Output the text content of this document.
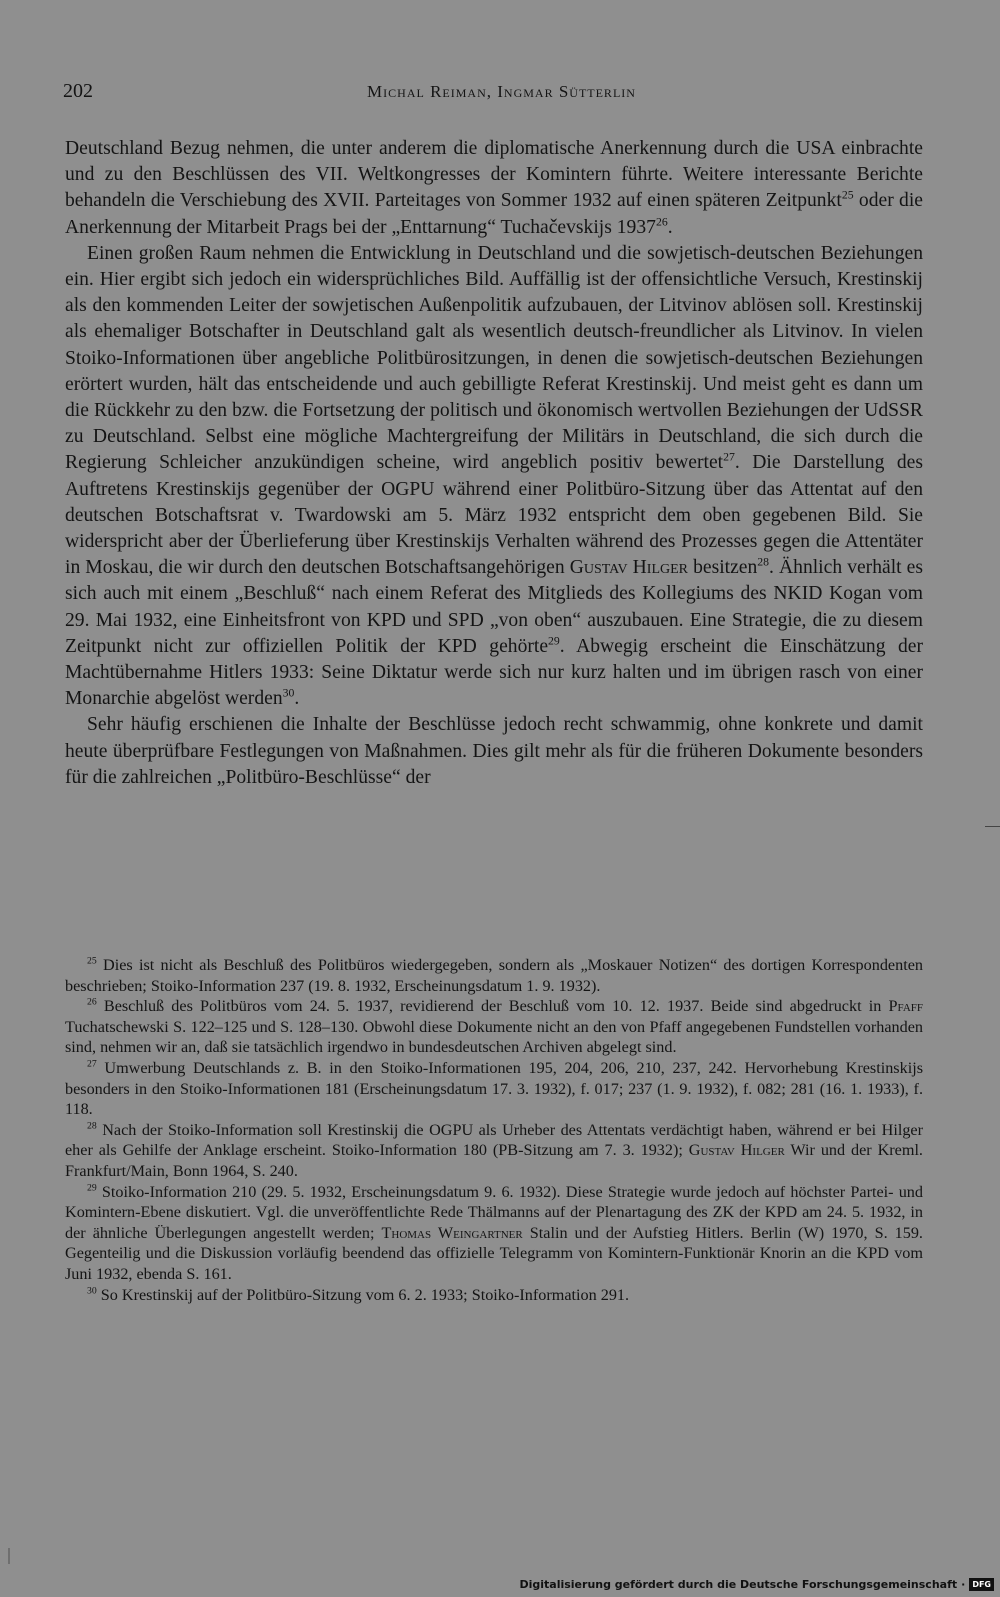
202	Michal Reiman, Ingmar Sütterlin

Deutschland Bezug nehmen, die unter anderem die diplomatische Anerkennung durch die USA einbrachte und zu den Beschlüssen des VII. Weltkongresses der Komintern führte. Weitere interessante Berichte behandeln die Verschiebung des XVII. Parteitages von Sommer 1932 auf einen späteren Zeitpunkt$^{25}$ oder die Anerkennung der Mitarbeit Prags bei der „Enttarnung“ Tuchačevskijs 1937$^{26}$.

Einen großen Raum nehmen die Entwicklung in Deutschland und die sowjetisch-deutschen Beziehungen ein. Hier ergibt sich jedoch ein widersprüchliches Bild. Auffällig ist der offensichtliche Versuch, Krestinskij als den kommenden Leiter der sowjetischen Außenpolitik aufzubauen, der Litvinov ablösen soll. Krestinskij als ehemaliger Botschafter in Deutschland galt als wesentlich deutsch-freundlicher als Litvinov. In vielen Stoiko-Informationen über angebliche Politbürositzungen, in denen die sowjetisch-deutschen Beziehungen erörtert wurden, hält das entscheidende und auch gebilligte Referat Krestinskij. Und meist geht es dann um die Rückkehr zu den bzw. die Fortsetzung der politisch und ökonomisch wertvollen Beziehungen der UdSSR zu Deutschland. Selbst eine mögliche Machtergreifung der Militärs in Deutschland, die sich durch die Regierung Schleicher anzukündigen scheine, wird angeblich positiv bewertet$^{27}$. Die Darstellung des Auftretens Krestinskijs gegenüber der OGPU während einer Politbüro-Sitzung über das Attentat auf den deutschen Botschaftsrat v. Twardowski am 5. März 1932 entspricht dem oben gegebenen Bild. Sie widerspricht aber der Überlieferung über Krestinskijs Verhalten während des Prozesses gegen die Attentäter in Moskau, die wir durch den deutschen Botschaftsangehörigen Gustav Hilger besitzen$^{28}$. Ähnlich verhält es sich auch mit einem „Beschluß“ nach einem Referat des Mitglieds des Kollegiums des NKID Kogan vom 29. Mai 1932, eine Einheitsfront von KPD und SPD „von oben“ auszubauen. Eine Strategie, die zu diesem Zeitpunkt nicht zur offiziellen Politik der KPD gehörte$^{29}$. Abwegig erscheint die Einschätzung der Machtübernahme Hitlers 1933: Seine Diktatur werde sich nur kurz halten und im übrigen rasch von einer Monarchie abgelöst werden$^{30}$.

Sehr häufig erschienen die Inhalte der Beschlüsse jedoch recht schwammig, ohne konkrete und damit heute überprüfbare Festlegungen von Maßnahmen. Dies gilt mehr als für die früheren Dokumente besonders für die zahlreichen „Politbüro-Beschlüsse“ der

$^{25}$ Dies ist nicht als Beschluß des Politbüros wiedergegeben, sondern als „Moskauer Notizen“ des dortigen Korrespondenten beschrieben; Stoiko-Information 237 (19. 8. 1932, Erscheinungsdatum 1. 9. 1932).

$^{26}$ Beschluß des Politbüros vom 24. 5. 1937, revidierend der Beschluß vom 10. 12. 1937. Beide sind abgedruckt in Pfaff Tuchatschewski S. 122–125 und S. 128–130. Obwohl diese Dokumente nicht an den von Pfaff angegebenen Fundstellen vorhanden sind, nehmen wir an, daß sie tatsächlich irgendwo in bundesdeutschen Archiven abgelegt sind.

$^{27}$ Umwerbung Deutschlands z. B. in den Stoiko-Informationen 195, 204, 206, 210, 237, 242. Hervorhebung Krestinskijs besonders in den Stoiko-Informationen 181 (Erscheinungsdatum 17. 3. 1932), f. 017; 237 (1. 9. 1932), f. 082; 281 (16. 1. 1933), f. 118.

$^{28}$ Nach der Stoiko-Information soll Krestinskij die OGPU als Urheber des Attentats verdächtigt haben, während er bei Hilger eher als Gehilfe der Anklage erscheint. Stoiko-Information 180 (PB-Sitzung am 7. 3. 1932); Gustav Hilger Wir und der Kreml. Frankfurt/Main, Bonn 1964, S. 240.

$^{29}$ Stoiko-Information 210 (29. 5. 1932, Erscheinungsdatum 9. 6. 1932). Diese Strategie wurde jedoch auf höchster Partei- und Komintern-Ebene diskutiert. Vgl. die unveröffentlichte Rede Thälmanns auf der Plenartagung des ZK der KPD am 24. 5. 1932, in der ähnliche Überlegungen angestellt werden; Thomas Weingartner Stalin und der Aufstieg Hitlers. Berlin (W) 1970, S. 159. Gegenteilig und die Diskussion vorläufig beendend das offizielle Telegramm von Komintern-Funktionär Knorin an die KPD vom Juni 1932, ebenda S. 161.

$^{30}$ So Krestinskij auf der Politbüro-Sitzung vom 6. 2. 1933; Stoiko-Information 291.

Digitalisierung gefördert durch die Deutsche Forschungsgemeinschaft · DFG
